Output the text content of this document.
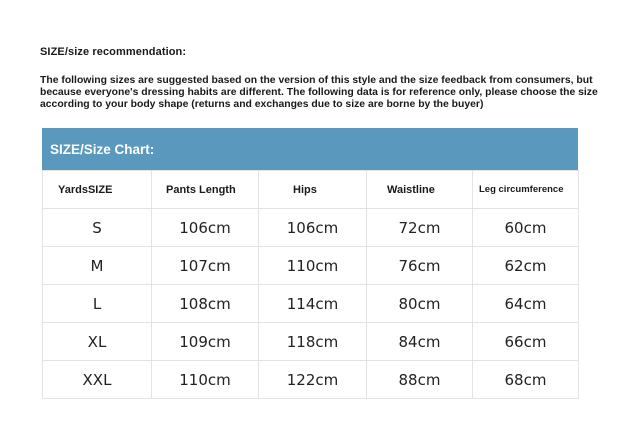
SIZE/size recommendation:
The following sizes are suggested based on the version of this style and the size feedback from consumers, but because everyone's dressing habits are different. The following data is for reference only, please choose the size according to your body shape (returns and exchanges due to size are borne by the buyer)
SIZE/Size Chart:
YardsSIZE	Pants Length	Hips	Waistline	Leg circumference
S	106cm	106cm	72cm	60cm
M	107cm	110cm	76cm	62cm
L	108cm	114cm	80cm	64cm
XL	109cm	118cm	84cm	66cm
XXL	110cm	122cm	88cm	68cm
